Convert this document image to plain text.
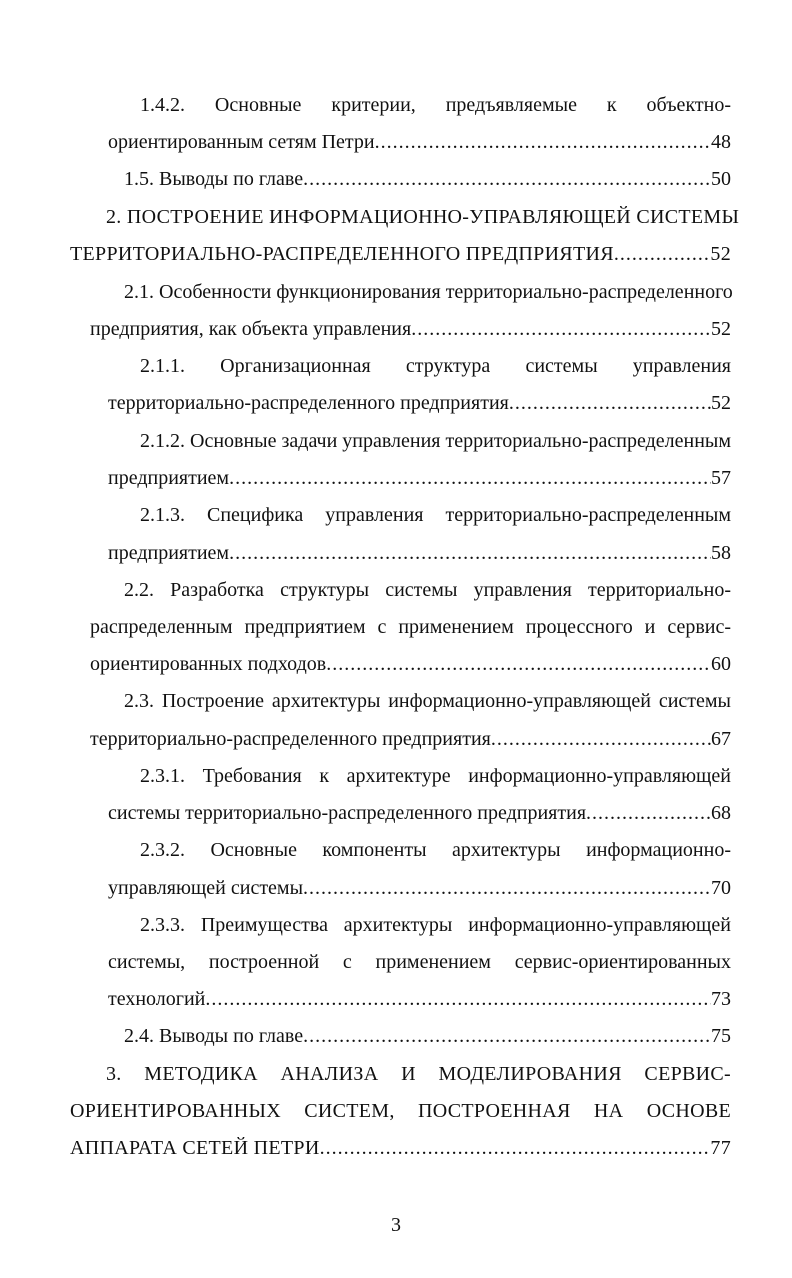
1.4.2. Основные критерии, предъявляемые к объектно-
ориентированным сетям Петри .....	48
1.5. Выводы по главе .....	50
2. ПОСТРОЕНИЕ ИНФОРМАЦИОННО-УПРАВЛЯЮЩЕЙ СИСТЕМЫ
ТЕРРИТОРИАЛЬНО-РАСПРЕДЕЛЕННОГО ПРЕДПРИЯТИЯ .....	52
2.1. Особенности функционирования территориально-распределенного
предприятия, как объекта управления .....	52
2.1.1. Организационная структура системы управления
территориально-распределенного предприятия .....	52
2.1.2. Основные задачи управления территориально-распределенным
предприятием .....	57
2.1.3. Специфика управления территориально-распределенным
предприятием .....	58
2.2. Разработка структуры системы управления территориально-
распределенным предприятием с применением процессного и сервис-
ориентированных подходов .....	60
2.3. Построение архитектуры информационно-управляющей системы
территориально-распределенного предприятия .....	67
2.3.1. Требования к архитектуре информационно-управляющей
системы территориально-распределенного предприятия .....	68
2.3.2. Основные компоненты архитектуры информационно-
управляющей системы .....	70
2.3.3. Преимущества архитектуры информационно-управляющей
системы, построенной с применением сервис-ориентированных
технологий .....	73
2.4. Выводы по главе .....	75
3. МЕТОДИКА АНАЛИЗА И МОДЕЛИРОВАНИЯ СЕРВИС-
ОРИЕНТИРОВАННЫХ СИСТЕМ, ПОСТРОЕННАЯ НА ОСНОВЕ
АППАРАТА СЕТЕЙ ПЕТРИ .....	77
3
